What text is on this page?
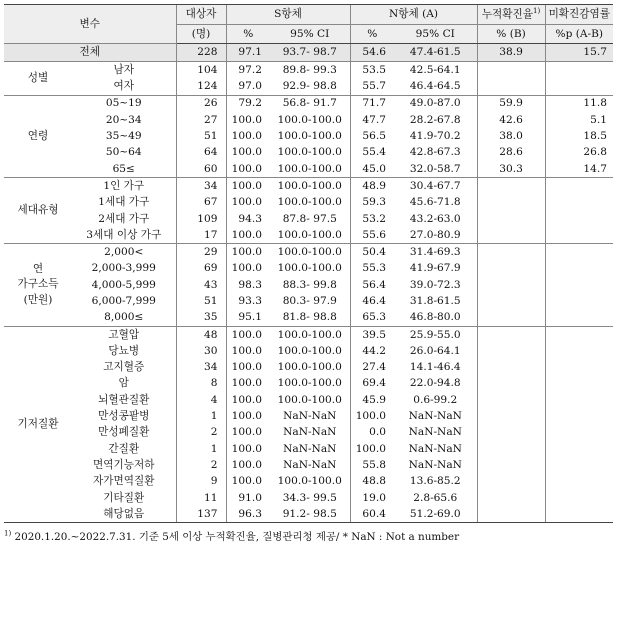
변수		대상자	S항체		N항체 (A)		누적확진율$^{1)}$	미확진감염률
		(명)	%	95% CI	%	95% CI	% (B)	%p (A-B)
전체		228	97.1	93.7- 98.7	54.6	47.4-61.5	38.9	15.7
성별	남자	104	97.2	89.8- 99.3	53.5	42.5-64.1		
	여자	124	97.0	92.9- 98.8	55.7	46.4-64.5		
연령	05~19	26	79.2	56.8- 91.7	71.7	49.0-87.0	59.9	11.8
	20~34	27	100.0	100.0-100.0	47.7	28.2-67.8	42.6	5.1
	35~49	51	100.0	100.0-100.0	56.5	41.9-70.2	38.0	18.5
	50~64	64	100.0	100.0-100.0	55.4	42.8-67.3	28.6	26.8
	65≤	60	100.0	100.0-100.0	45.0	32.0-58.7	30.3	14.7
세대유형	1인 가구	34	100.0	100.0-100.0	48.9	30.4-67.7		
	1세대 가구	67	100.0	100.0-100.0	59.3	45.6-71.8		
	2세대 가구	109	94.3	87.8- 97.5	53.2	43.2-63.0		
	3세대 이상 가구	17	100.0	100.0-100.0	55.6	27.0-80.9		
연
가구소득
(만원)	2,000<	29	100.0	100.0-100.0	50.4	31.4-69.3		
	2,000-3,999	69	100.0	100.0-100.0	55.3	41.9-67.9		
	4,000-5,999	43	98.3	88.3- 99.8	56.4	39.0-72.3		
	6,000-7,999	51	93.3	80.3- 97.9	46.4	31.8-61.5		
	8,000≤	35	95.1	81.8- 98.8	65.3	46.8-80.0		
기저질환	고혈압	48	100.0	100.0-100.0	39.5	25.9-55.0		
	당뇨병	30	100.0	100.0-100.0	44.2	26.0-64.1		
	고지혈증	34	100.0	100.0-100.0	27.4	14.1-46.4		
	암	8	100.0	100.0-100.0	69.4	22.0-94.8		
	뇌혈관질환	4	100.0	100.0-100.0	45.9	0.6-99.2		
	만성콩팥병	1	100.0	NaN-NaN	100.0	NaN-NaN		
	만성폐질환	2	100.0	NaN-NaN	0.0	NaN-NaN		
	간질환	1	100.0	NaN-NaN	100.0	NaN-NaN		
	면역기능저하	2	100.0	NaN-NaN	55.8	NaN-NaN		
	자가면역질환	9	100.0	100.0-100.0	48.8	13.6-85.2		
	기타질환	11	91.0	34.3- 99.5	19.0	2.8-65.6		
	해당없음	137	96.3	91.2- 98.5	60.4	51.2-69.0		
$^{1)}$ 2020.1.20.~2022.7.31. 기준 5세 이상 누적확진율, 질병관리청 제공/ * NaN : Not a number
